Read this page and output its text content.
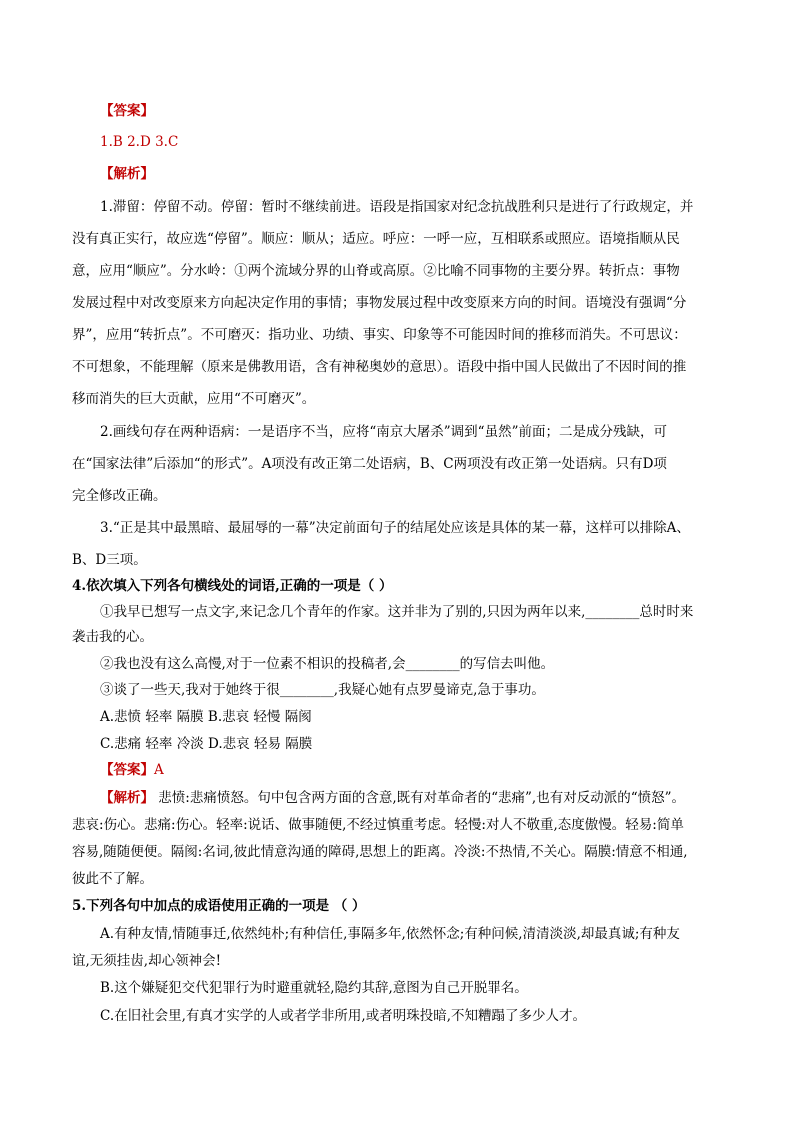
【答案】
1.B 2.D 3.C
【解析】
1.滞留：停留不动。停留：暂时不继续前进。语段是指国家对纪念抗战胜利只是进行了行政规定，并
没有真正实行，故应选“停留”。顺应：顺从；适应。呼应：一呼一应，互相联系或照应。语境指顺从民
意，应用“顺应”。分水岭：①两个流域分界的山脊或高原。②比喻不同事物的主要分界。转折点：事物
发展过程中对改变原来方向起决定作用的事情；事物发展过程中改变原来方向的时间。语境没有强调“分
界”，应用“转折点”。不可磨灭：指功业、功绩、事实、印象等不可能因时间的推移而消失。不可思议：
不可想象，不能理解（原来是佛教用语，含有神秘奥妙的意思）。语段中指中国人民做出了不因时间的推
移而消失的巨大贡献，应用“不可磨灭”。
2.画线句存在两种语病：一是语序不当，应将“南京大屠杀”调到“虽然”前面；二是成分残缺，可
在“国家法律”后添加“的形式”。A项没有改正第二处语病，B、C两项没有改正第一处语病。只有D项
完全修改正确。
3.“正是其中最黑暗、最屈辱的一幕”决定前面句子的结尾处应该是具体的某一幕，这样可以排除A、
B、D三项。
4.依次填入下列各句横线处的词语,正确的一项是（ ）
①我早已想写一点文字,来记念几个青年的作家。这并非为了别的,只因为两年以来,________总时时来
袭击我的心。
②我也没有这么高慢,对于一位素不相识的投稿者,会________的写信去叫他。
③谈了一些天,我对于她终于很________,我疑心她有点罗曼谛克,急于事功。
A.悲愤 轻率 隔膜 B.悲哀 轻慢 隔阂
C.悲痛 轻率 冷淡 D.悲哀 轻易 隔膜
【答案】A
【解析】 悲愤:悲痛愤怒。句中包含两方面的含意,既有对革命者的“悲痛”,也有对反动派的“愤怒”。
悲哀:伤心。悲痛:伤心。轻率:说话、做事随便,不经过慎重考虑。轻慢:对人不敬重,态度傲慢。轻易:简单
容易,随随便便。隔阂:名词,彼此情意沟通的障碍,思想上的距离。冷淡:不热情,不关心。隔膜:情意不相通,
彼此不了解。
5.下列各句中加点的成语使用正确的一项是 （ ）
A.有种友情,情随事迁,依然纯朴;有种信任,事隔多年,依然怀念;有种问候,清清淡淡,却最真诚;有种友
谊,无须挂齿,却心领神会!
B.这个嫌疑犯交代犯罪行为时避重就轻,隐约其辞,意图为自己开脱罪名。
C.在旧社会里,有真才实学的人或者学非所用,或者明珠投暗,不知糟蹋了多少人才。
